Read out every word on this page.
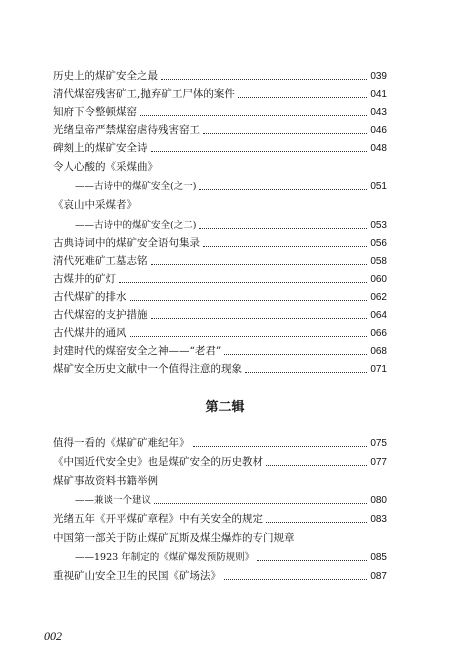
历史上的煤矿安全之最	039
清代煤窑残害矿工,抛弃矿工尸体的案件	041
知府下令整顿煤窑	043
光绪皇帝严禁煤窑虐待残害窑工	046
碑刻上的煤矿安全诗	048
令人心酸的《采煤曲》
——古诗中的煤矿安全(之一)	051
《哀山中采煤者》
——古诗中的煤矿安全(之二)	053
古典诗词中的煤矿安全语句集录	056
清代死难矿工墓志铭	058
古煤井的矿灯	060
古代煤矿的排水	062
古代煤窑的支护措施	064
古代煤井的通风	066
封建时代的煤窑安全之神——“老君”	068
煤矿安全历史文献中一个值得注意的现象	071
第二辑
值得一看的《煤矿矿难纪年》	075
《中国近代安全史》也是煤矿安全的历史教材	077
煤矿事故资料书籍举例
——兼谈一个建议	080
光绪五年《开平煤矿章程》中有关安全的规定	083
中国第一部关于防止煤矿瓦斯及煤尘爆炸的专门规章
——1923 年制定的《煤矿爆发预防规则》	085
重视矿山安全卫生的民国《矿场法》	087
002
